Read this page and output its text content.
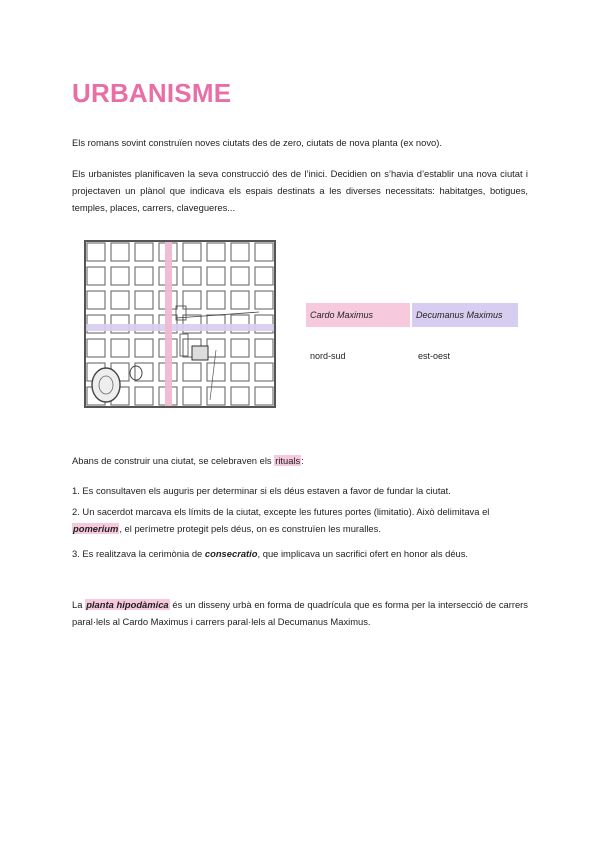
URBANISME
Els romans sovint construïen noves ciutats des de zero, ciutats de nova planta (ex novo).
Els urbanistes planificaven la seva construcció des de l’inici. Decidien on s’havia d’establir una nova ciutat i projectaven un plànol que indicava els espais destinats a les diverses necessitats: habitatges, botigues, temples, places, carrers, clavegueres...
Cardo Maximus	Decumanus Maximus
nord-sud	est-oest
Abans de construir una ciutat, se celebraven els rituals:
1. Es consultaven els auguris per determinar si els déus estaven a favor de fundar la ciutat.
2. Un sacerdot marcava els límits de la ciutat, excepte les futures portes (limitatio). Això delimitava el pomerium, el perímetre protegit pels déus, on es construïen les muralles.
3. Es realitzava la cerimònia de consecratio, que implicava un sacrifici ofert en honor als déus.
La planta hipodàmica és un disseny urbà en forma de quadrícula que es forma per la intersecció de carrers paral·lels al Cardo Maximus i carrers paral·lels al Decumanus Maximus.
